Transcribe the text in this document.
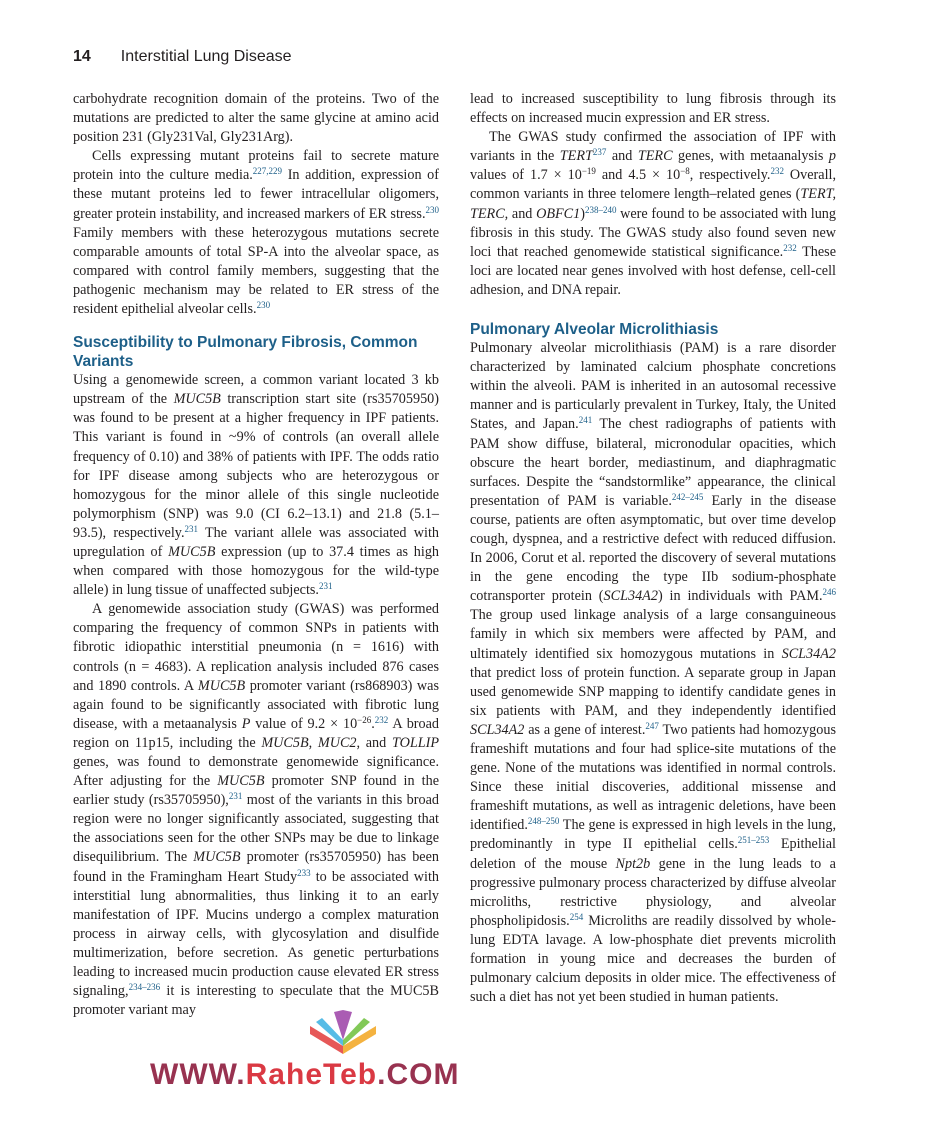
14 Interstitial Lung Disease

carbohydrate recognition domain of the proteins. Two of the mutations are predicted to alter the same glycine at amino acid position 231 (Gly231Val, Gly231Arg).

Cells expressing mutant proteins fail to secrete mature protein into the culture media.$^{227,229}$ In addition, expression of these mutant proteins led to fewer intracellular oligomers, greater protein instability, and increased markers of ER stress.$^{230}$ Family members with these heterozygous mutations secrete comparable amounts of total SP-A into the alveolar space, as compared with control family members, suggesting that the pathogenic mechanism may be related to ER stress of the resident epithelial alveolar cells.$^{230}$

Susceptibility to Pulmonary Fibrosis, Common Variants

Using a genomewide screen, a common variant located 3 kb upstream of the MUC5B transcription start site (rs35705950) was found to be present at a higher frequency in IPF patients. This variant is found in ~9% of controls (an overall allele frequency of 0.10) and 38% of patients with IPF. The odds ratio for IPF disease among subjects who are heterozygous or homozygous for the minor allele of this single nucleotide polymorphism (SNP) was 9.0 (CI 6.2–13.1) and 21.8 (5.1–93.5), respectively.$^{231}$ The variant allele was associated with upregulation of MUC5B expression (up to 37.4 times as high when compared with those homozygous for the wild-type allele) in lung tissue of unaffected subjects.$^{231}$

A genomewide association study (GWAS) was performed comparing the frequency of common SNPs in patients with fibrotic idiopathic interstitial pneumonia (n = 1616) with controls (n = 4683). A replication analysis included 876 cases and 1890 controls. A MUC5B promoter variant (rs868903) was again found to be significantly associated with fibrotic lung disease, with a metaanalysis P value of $9.2 \times 10^{-26}.^{232}$ A broad region on 11p15, including the MUC5B, MUC2, and TOLLIP genes, was found to demonstrate genomewide significance. After adjusting for the MUC5B promoter SNP found in the earlier study (rs35705950),$^{231}$ most of the variants in this broad region were no longer significantly associated, suggesting that the associations seen for the other SNPs may be due to linkage disequilibrium. The MUC5B promoter (rs35705950) has been found in the Framingham Heart Study$^{233}$ to be associated with interstitial lung abnormalities, thus linking it to an early manifestation of IPF. Mucins undergo a complex maturation process in airway cells, with glycosylation and disulfide multimerization, before secretion. As genetic perturbations leading to increased mucin production cause elevated ER stress signaling,$^{234-236}$ it is interesting to speculate that the MUC5B promoter variant may

lead to increased susceptibility to lung fibrosis through its effects on increased mucin expression and ER stress.

The GWAS study confirmed the association of IPF with variants in the TERT$^{237}$ and TERC genes, with metaanalysis p values of $1.7 \times 10^{-19}$ and $4.5 \times 10^{-8}$, respectively.$^{232}$ Overall, common variants in three telomere length–related genes (TERT, TERC, and OBFC1)$^{238-240}$ were found to be associated with lung fibrosis in this study. The GWAS study also found seven new loci that reached genomewide statistical significance.$^{232}$ These loci are located near genes involved with host defense, cell-cell adhesion, and DNA repair.

Pulmonary Alveolar Microlithiasis

Pulmonary alveolar microlithiasis (PAM) is a rare disorder characterized by laminated calcium phosphate concretions within the alveoli. PAM is inherited in an autosomal recessive manner and is particularly prevalent in Turkey, Italy, the United States, and Japan.$^{241}$ The chest radiographs of patients with PAM show diffuse, bilateral, micronodular opacities, which obscure the heart border, mediastinum, and diaphragmatic surfaces. Despite the “sandstormlike” appearance, the clinical presentation of PAM is variable.$^{242-245}$ Early in the disease course, patients are often asymptomatic, but over time develop cough, dyspnea, and a restrictive defect with reduced diffusion. In 2006, Corut et al. reported the discovery of several mutations in the gene encoding the type IIb sodium-phosphate cotransporter protein (SCL34A2) in individuals with PAM.$^{246}$ The group used linkage analysis of a large consanguineous family in which six members were affected by PAM, and ultimately identified six homozygous mutations in SCL34A2 that predict loss of protein function. A separate group in Japan used genomewide SNP mapping to identify candidate genes in six patients with PAM, and they independently identified SCL34A2 as a gene of interest.$^{247}$ Two patients had homozygous frameshift mutations and four had splice-site mutations of the gene. None of the mutations was identified in normal controls. Since these initial discoveries, additional missense and frameshift mutations, as well as intragenic deletions, have been identified.$^{248-250}$ The gene is expressed in high levels in the lung, predominantly in type II epithelial cells.$^{251-253}$ Epithelial deletion of the mouse Npt2b gene in the lung leads to a progressive pulmonary process characterized by diffuse alveolar microliths, restrictive physiology, and alveolar phospholipidosis.$^{254}$ Microliths are readily dissolved by whole-lung EDTA lavage. A low-phosphate diet prevents microlith formation in young mice and decreases the burden of pulmonary calcium deposits in older mice. The effectiveness of such a diet has not yet been studied in human patients.

WWW.RaheTeb.COM
